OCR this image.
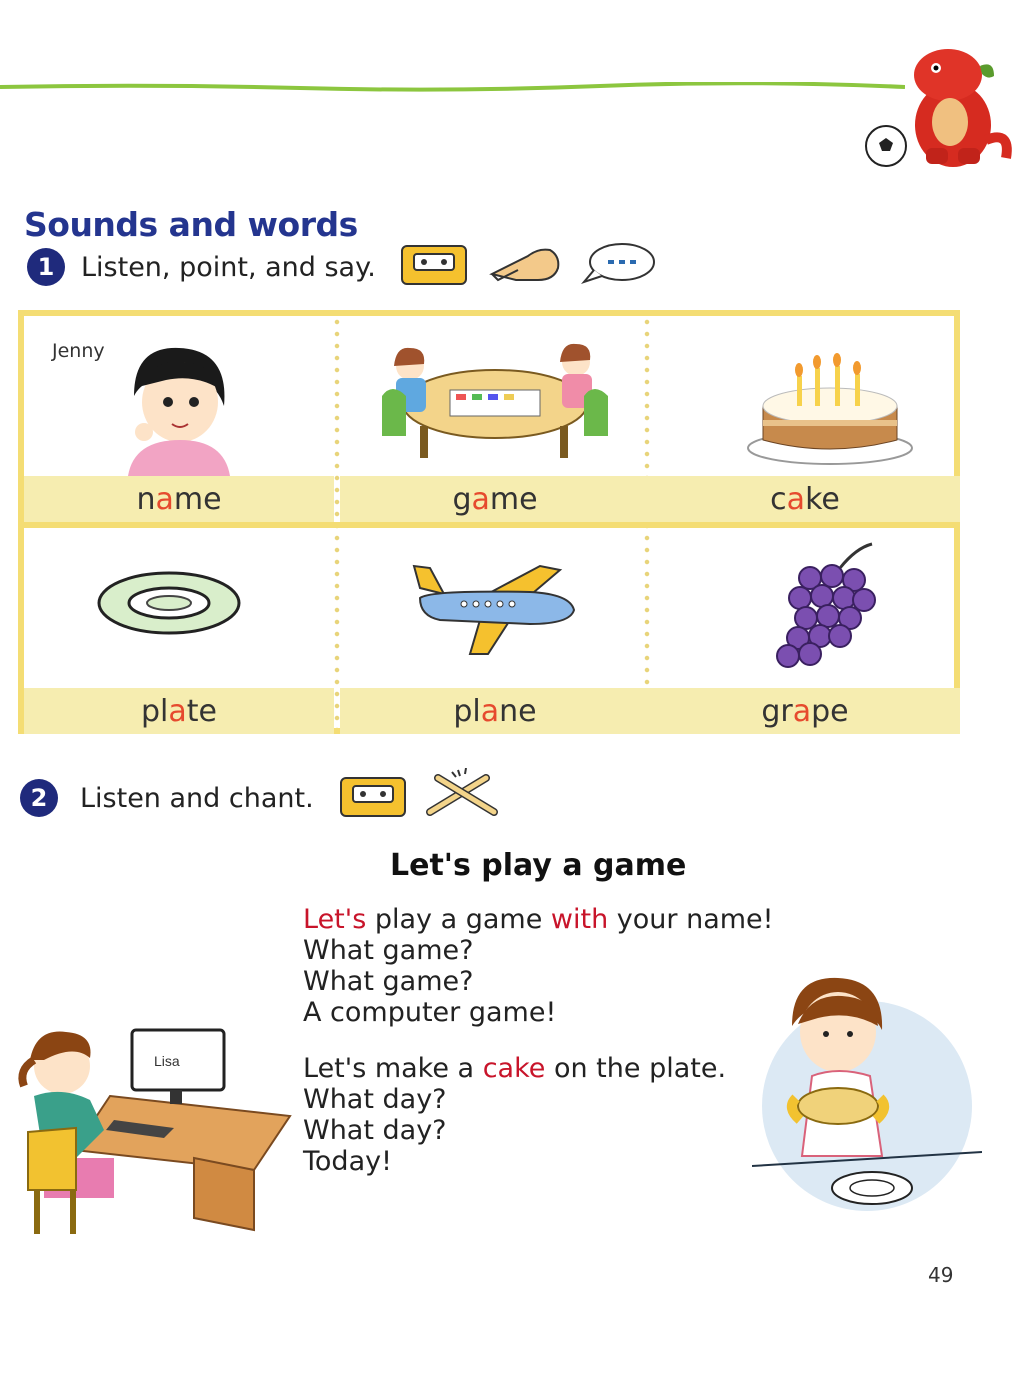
Sounds and words
1 Listen, point, and say.
Jenny
n a me	g a me	c a ke
pl a te	pl a ne	gr a pe
2	Listen and chant.
Let's play a game
Let's play a game with your name!
What game?
What game?
A computer game!
Let's make a cake on the plate.
What day?
What day?
Today!
Lisa
49
